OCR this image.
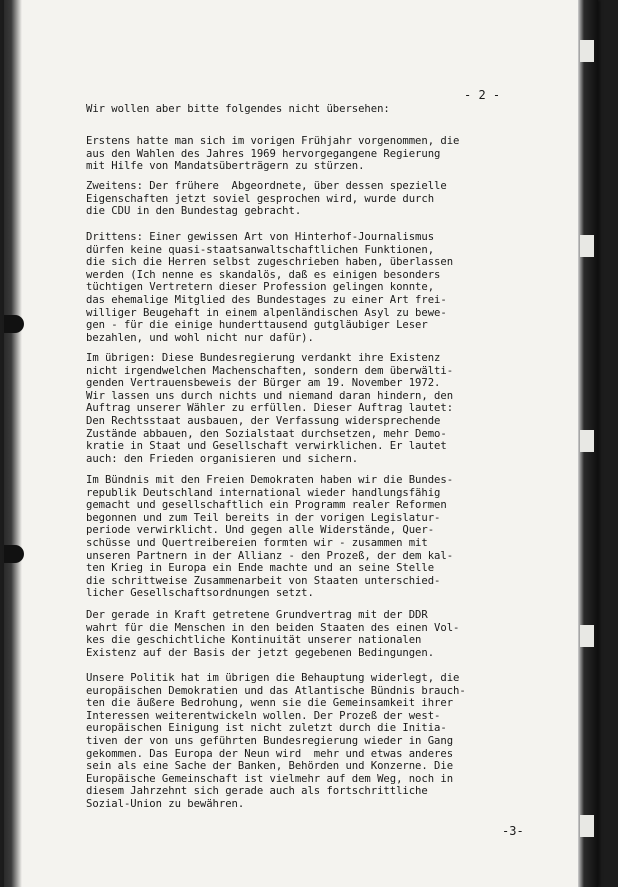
- 2 -
Wir wollen aber bitte folgendes nicht übersehen:
Erstens hatte man sich im vorigen Frühjahr vorgenommen, die
aus den Wahlen des Jahres 1969 hervorgegangene Regierung
mit Hilfe von Mandatsüberträgern zu stürzen.
Zweitens: Der frühere  Abgeordnete, über dessen spezielle
Eigenschaften jetzt soviel gesprochen wird, wurde durch
die CDU in den Bundestag gebracht.
Drittens: Einer gewissen Art von Hinterhof-Journalismus
dürfen keine quasi-staatsanwaltschaftlichen Funktionen,
die sich die Herren selbst zugeschrieben haben, überlassen
werden (Ich nenne es skandalös, daß es einigen besonders
tüchtigen Vertretern dieser Profession gelingen konnte,
das ehemalige Mitglied des Bundestages zu einer Art frei-
williger Beugehaft in einem alpenländischen Asyl zu bewe-
gen - für die einige hunderttausend gutgläubiger Leser
bezahlen, und wohl nicht nur dafür).
Im übrigen: Diese Bundesregierung verdankt ihre Existenz
nicht irgendwelchen Machenschaften, sondern dem überwälti-
genden Vertrauensbeweis der Bürger am 19. November 1972.
Wir lassen uns durch nichts und niemand daran hindern, den
Auftrag unserer Wähler zu erfüllen. Dieser Auftrag lautet:
Den Rechtsstaat ausbauen, der Verfassung widersprechende
Zustände abbauen, den Sozialstaat durchsetzen, mehr Demo-
kratie in Staat und Gesellschaft verwirklichen. Er lautet
auch: den Frieden organisieren und sichern.
Im Bündnis mit den Freien Demokraten haben wir die Bundes-
republik Deutschland international wieder handlungsfähig
gemacht und gesellschaftlich ein Programm realer Reformen
begonnen und zum Teil bereits in der vorigen Legislatur-
periode verwirklicht. Und gegen alle Widerstände, Quer-
schüsse und Quertreibereien formten wir - zusammen mit
unseren Partnern in der Allianz - den Prozeß, der dem kal-
ten Krieg in Europa ein Ende machte und an seine Stelle
die schrittweise Zusammenarbeit von Staaten unterschied-
licher Gesellschaftsordnungen setzt.
Der gerade in Kraft getretene Grundvertrag mit der DDR
wahrt für die Menschen in den beiden Staaten des einen Vol-
kes die geschichtliche Kontinuität unserer nationalen
Existenz auf der Basis der jetzt gegebenen Bedingungen.
Unsere Politik hat im übrigen die Behauptung widerlegt, die
europäischen Demokratien und das Atlantische Bündnis brauch-
ten die äußere Bedrohung, wenn sie die Gemeinsamkeit ihrer
Interessen weiterentwickeln wollen. Der Prozeß der west-
europäischen Einigung ist nicht zuletzt durch die Initia-
tiven der von uns geführten Bundesregierung wieder in Gang
gekommen. Das Europa der Neun wird  mehr und etwas anderes
sein als eine Sache der Banken, Behörden und Konzerne. Die
Europäische Gemeinschaft ist vielmehr auf dem Weg, noch in
diesem Jahrzehnt sich gerade auch als fortschrittliche
Sozial-Union zu bewähren.
-3-
